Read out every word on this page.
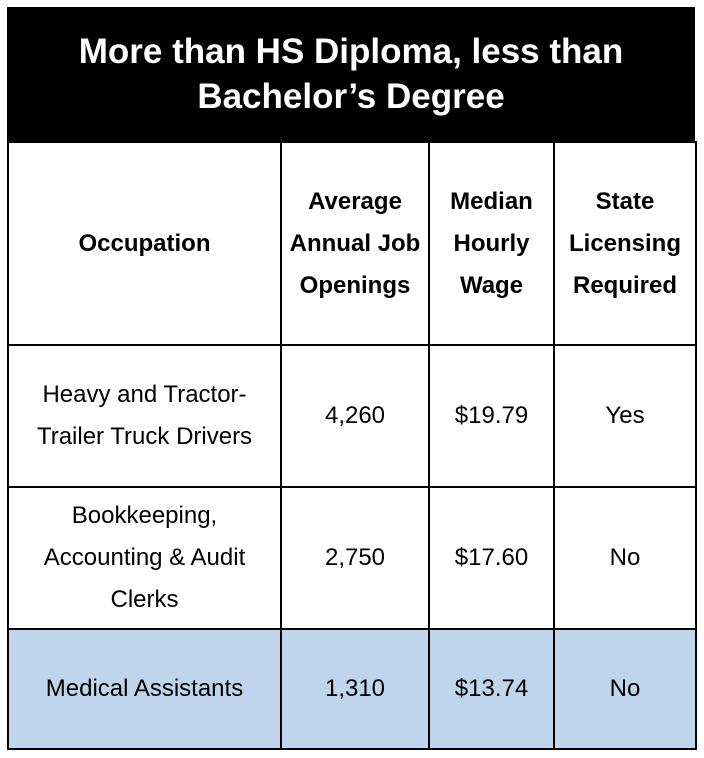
More than HS Diploma, less than Bachelor’s Degree
Occupation	Average Annual Job Openings	Median Hourly Wage	State Licensing Required
Heavy and Tractor-Trailer Truck Drivers	4,260	$19.79	Yes
Bookkeeping, Accounting & Audit Clerks	2,750	$17.60	No
Medical Assistants	1,310	$13.74	No
